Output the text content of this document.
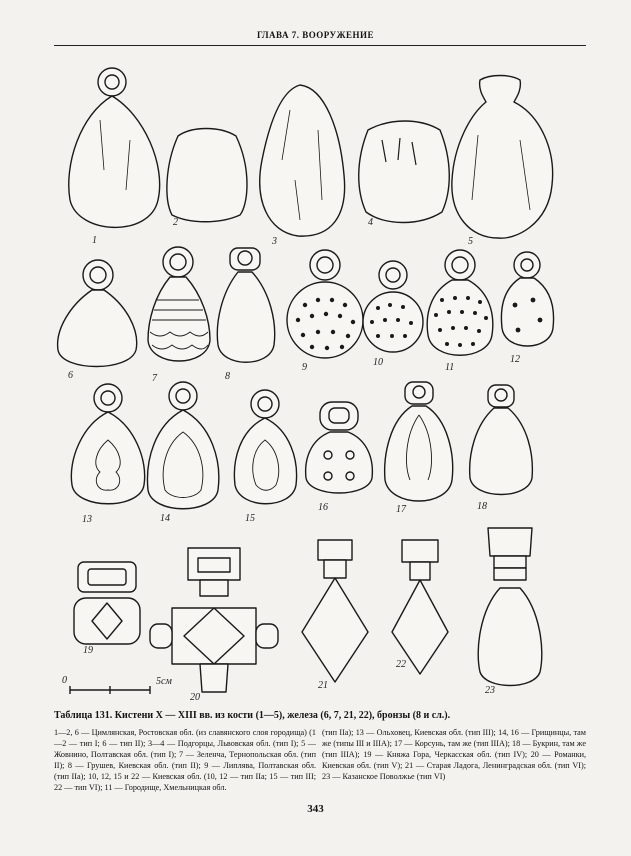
ГЛАВА 7. ВООРУЖЕНИЕ
0	5см
1
2
3
4
5
6	7	8
9	10	11
12
13	14	15
16	17	18
19
20
21
22
23
Таблица 131. Кистени X — XIII вв. из кости (1—5), железа (6, 7, 21, 22), бронзы (8 и сл.).
1—2, 6 — Цимлянская, Ростовская обл. (из славянского слоя городища) (1—2 — тип I; 6 — тип II); 3—4 — Подгорцы, Львовская обл. (тип I); 5 — Жовнино, Полтавская обл. (тип I); 7 — Зеленча, Тернопольская обл. (тип II); 8 — Грушев, Киевская обл. (тип II); 9 — Липлява, Полтавская обл. (тип IIа); 10, 12, 15 и 22 — Киевская обл. (10, 12 — тип IIа; 15 — тип III; 22 — тип VI); 11 — Городище, Хмельницкая обл.
(тип IIа); 13 — Ольховец, Киевская обл. (тип III); 14, 16 — Грищинцы, там же (типы III и IIIА); 17 — Корсунь, там же (тип IIIА); 18 — Букрин, там же (тип IIIА); 19 — Княжа Гора, Черкасская обл. (тип IV); 20 — Романки, Киевская обл. (тип V); 21 — Старая Ладога, Ленинградская обл. (тип VI); 23 — Казанское Поволжье (тип VI)
343
